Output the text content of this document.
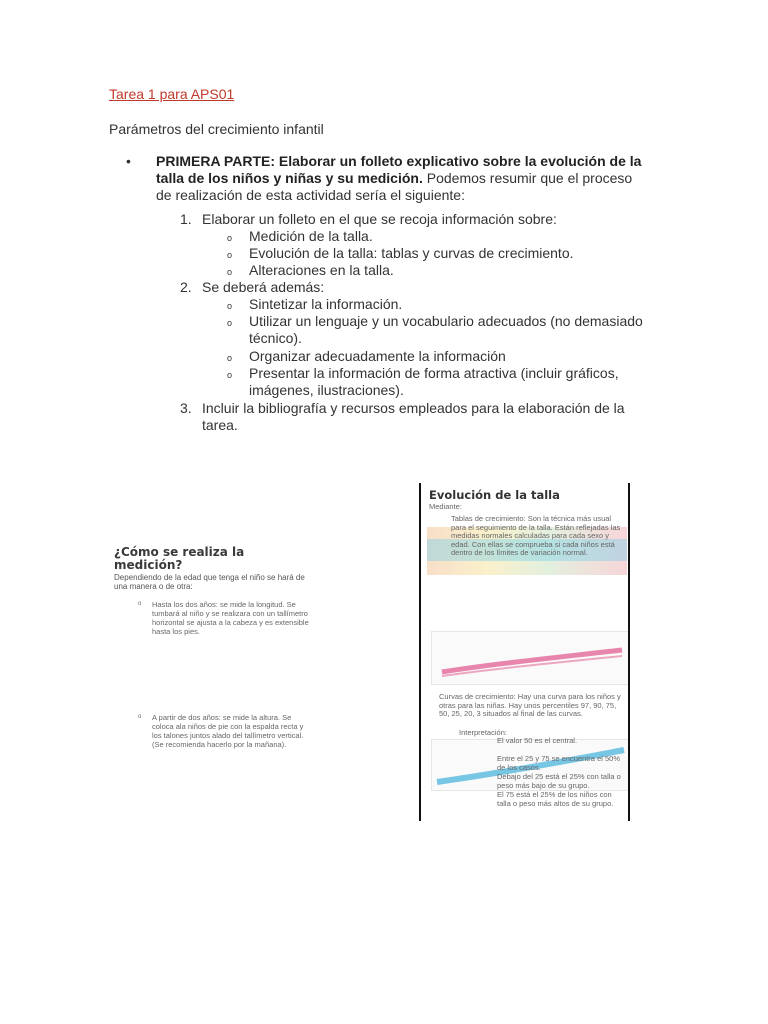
Tarea 1 para APS01
Parámetros del crecimiento infantil
• PRIMERA PARTE: Elaborar un folleto explicativo sobre la evolución de la talla de los niños y niñas y su medición. Podemos resumir que el proceso de realización de esta actividad sería el siguiente:
1. Elaborar un folleto en el que se recoja información sobre:
o Medición de la talla.
o Evolución de la talla: tablas y curvas de crecimiento.
o Alteraciones en la talla.
2. Se deberá además:
o Sintetizar la información.
o Utilizar un lenguaje y un vocabulario adecuados (no demasiado técnico).
o Organizar adecuadamente la información
o Presentar la información de forma atractiva (incluir gráficos, imágenes, ilustraciones).
3. Incluir la bibliografía y recursos empleados para la elaboración de la tarea.
¿Cómo se realiza la medición?
Dependiendo de la edad que tenga el niño se hará de una manera o de otra:
o Hasta los dos años: se mide la longitud. Se tumbará al niño y se realizara con un tallímetro horizontal se ajusta a la cabeza y es extensible hasta los pies.
o A partir de dos años: se mide la altura. Se coloca ala niños de pie con la espalda recta y los talones juntos alado del tallímetro vertical. (Se recomienda hacerlo por la mañana).
Evolución de la talla
Mediante:
Tablas de crecimiento: Son la técnica más usual para el seguimiento de la talla. Están reflejadas las medidas normales calculadas para cada sexo y edad. Con ellas se comprueba si cada niños está dentro de los límites de variación normal.
Curvas de crecimiento: Hay una curva para los niños y otras para las niñas. Hay unos percentiles 97, 90, 75, 50, 25, 20, 3 situados al final de las curvas.
Interpretación:
El valor 50 es el central.
Entre el 25 y 75 se encuentra el 50% de los casos.
Debajo del 25 está el 25% con talla o peso más bajo de su grupo.
El 75 está el 25% de los niños con talla o peso más altos de su grupo.
